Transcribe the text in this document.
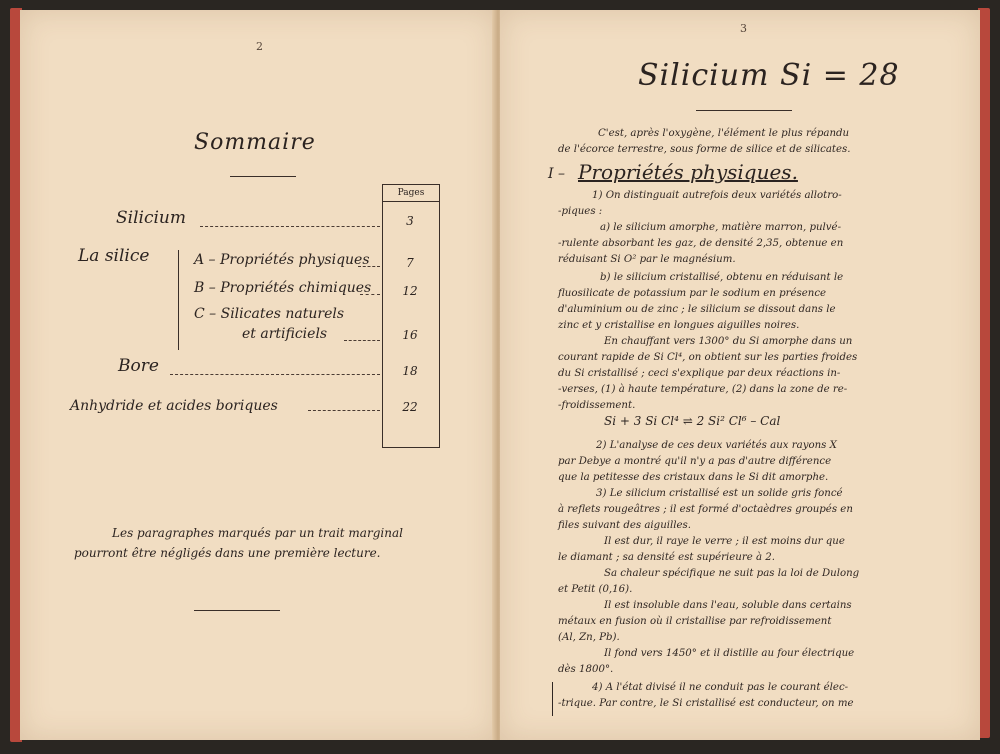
2
Sommaire
Pages
Silicium	3
La silice	A – Propriétés physiques	7
B – Propriétés chimiques	12
C – Silicates naturels
et artificiels	16
Bore	18
Anhydride et acides boriques	22
Les paragraphes marqués par un trait marginal
pourront être négligés dans une première lecture.
3
Silicium Si = 28
C'est, après l'oxygène, l'élément le plus répandu
de l'écorce terrestre, sous forme de silice et de silicates.
I – Propriétés physiques.
1) On distinguait autrefois deux variétés allotro-
-piques :
a) le silicium amorphe, matière marron, pulvé-
-rulente absorbant les gaz, de densité 2,35, obtenue en
réduisant Si O² par le magnésium.
b) le silicium cristallisé, obtenu en réduisant le
fluosilicate de potassium par le sodium en présence
d'aluminium ou de zinc ; le silicium se dissout dans le
zinc et y cristallise en longues aiguilles noires.
En chauffant vers 1300° du Si amorphe dans un
courant rapide de Si Cl⁴, on obtient sur les parties froides
du Si cristallisé ; ceci s'explique par deux réactions in-
-verses, (1) à haute température, (2) dans la zone de re-
-froidissement.
Si + 3 Si Cl⁴ ⇌ 2 Si² Cl⁶ – Cal
2) L'analyse de ces deux variétés aux rayons X
par Debye a montré qu'il n'y a pas d'autre différence
que la petitesse des cristaux dans le Si dit amorphe.
3) Le silicium cristallisé est un solide gris foncé
à reflets rougeâtres ; il est formé d'octaèdres groupés en
files suivant des aiguilles.
Il est dur, il raye le verre ; il est moins dur que
le diamant ; sa densité est supérieure à 2.
Sa chaleur spécifique ne suit pas la loi de Dulong
et Petit (0,16).
Il est insoluble dans l'eau, soluble dans certains
métaux en fusion où il cristallise par refroidissement
(Al, Zn, Pb).
Il fond vers 1450° et il distille au four électrique
dès 1800°.
4) A l'état divisé il ne conduit pas le courant élec-
-trique. Par contre, le Si cristallisé est conducteur, on me
